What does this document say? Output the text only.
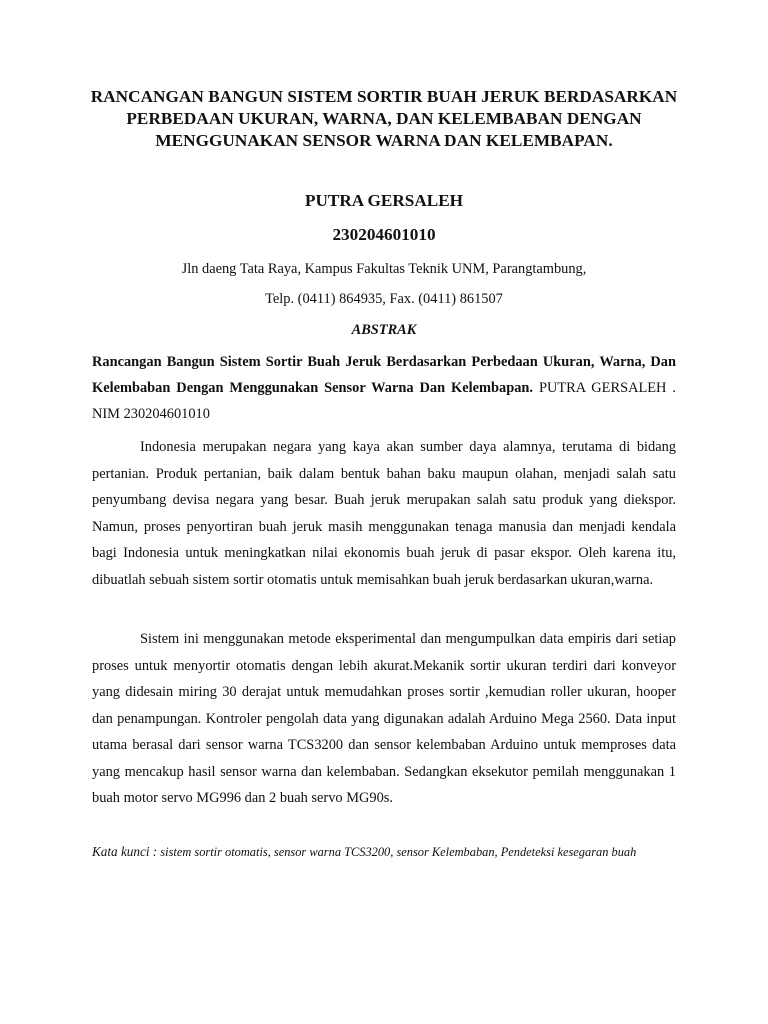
RANCANGAN BANGUN SISTEM SORTIR BUAH JERUK BERDASARKAN PERBEDAAN UKURAN, WARNA, DAN KELEMBABAN DENGAN MENGGUNAKAN SENSOR WARNA DAN KELEMBAPAN.
PUTRA GERSALEH
230204601010
Jln daeng Tata Raya, Kampus Fakultas Teknik UNM, Parangtambung,
Telp. (0411) 864935, Fax. (0411) 861507
ABSTRAK
Rancangan Bangun Sistem Sortir Buah Jeruk Berdasarkan Perbedaan Ukuran, Warna, Dan Kelembaban Dengan Menggunakan Sensor Warna Dan Kelembapan. PUTRA GERSALEH . NIM 230204601010

Indonesia merupakan negara yang kaya akan sumber daya alamnya, terutama di bidang pertanian. Produk pertanian, baik dalam bentuk bahan baku maupun olahan, menjadi salah satu penyumbang devisa negara yang besar. Buah jeruk merupakan salah satu produk yang diekspor. Namun, proses penyortiran buah jeruk masih menggunakan tenaga manusia dan menjadi kendala bagi Indonesia untuk meningkatkan nilai ekonomis buah jeruk di pasar ekspor. Oleh karena itu, dibuatlah sebuah sistem sortir otomatis untuk memisahkan buah jeruk berdasarkan ukuran,warna.

Sistem ini menggunakan metode eksperimental dan mengumpulkan data empiris dari setiap proses untuk menyortir otomatis dengan lebih akurat.Mekanik sortir ukuran terdiri dari konveyor yang didesain miring 30 derajat untuk memudahkan proses sortir ,kemudian roller ukuran, hooper dan penampungan. Kontroler pengolah data yang digunakan adalah Arduino Mega 2560. Data input utama berasal dari sensor warna TCS3200 dan sensor kelembaban Arduino untuk memproses data yang mencakup hasil sensor warna dan kelembaban. Sedangkan eksekutor pemilah menggunakan 1 buah motor servo MG996 dan 2 buah servo MG90s.

Kata kunci : sistem sortir otomatis, sensor warna TCS3200, sensor Kelembaban, Pendeteksi kesegaran buah
